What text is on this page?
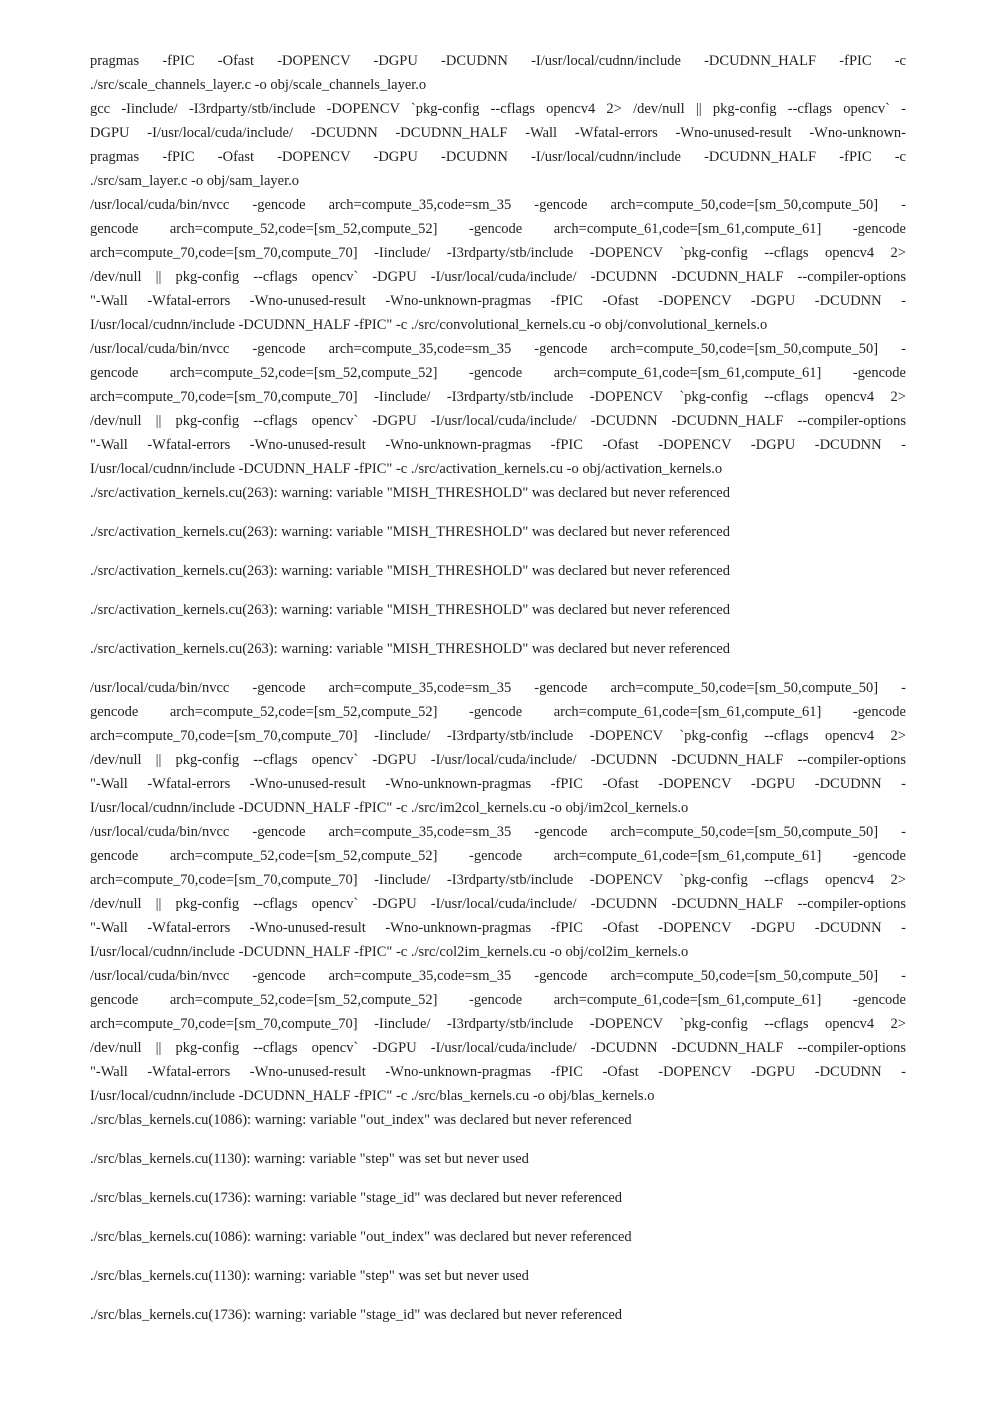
pragmas -fPIC -Ofast -DOPENCV -DGPU -DCUDNN -I/usr/local/cudnn/include -DCUDNN_HALF -fPIC -c
./src/scale_channels_layer.c -o obj/scale_channels_layer.o
gcc -Iinclude/ -I3rdparty/stb/include -DOPENCV `pkg-config --cflags opencv4 2> /dev/null || pkg-config --cflags opencv` -
DGPU -I/usr/local/cuda/include/ -DCUDNN -DCUDNN_HALF -Wall -Wfatal-errors -Wno-unused-result -Wno-unknown-
pragmas -fPIC -Ofast -DOPENCV -DGPU -DCUDNN -I/usr/local/cudnn/include -DCUDNN_HALF -fPIC -c
./src/sam_layer.c -o obj/sam_layer.o
/usr/local/cuda/bin/nvcc -gencode arch=compute_35,code=sm_35 -gencode arch=compute_50,code=[sm_50,compute_50] -
gencode arch=compute_52,code=[sm_52,compute_52] -gencode arch=compute_61,code=[sm_61,compute_61] -gencode
arch=compute_70,code=[sm_70,compute_70] -Iinclude/ -I3rdparty/stb/include -DOPENCV `pkg-config --cflags opencv4 2>
/dev/null || pkg-config --cflags opencv` -DGPU -I/usr/local/cuda/include/ -DCUDNN -DCUDNN_HALF --compiler-options
"-Wall -Wfatal-errors -Wno-unused-result -Wno-unknown-pragmas -fPIC -Ofast -DOPENCV -DGPU -DCUDNN -
I/usr/local/cudnn/include -DCUDNN_HALF -fPIC" -c ./src/convolutional_kernels.cu -o obj/convolutional_kernels.o
/usr/local/cuda/bin/nvcc -gencode arch=compute_35,code=sm_35 -gencode arch=compute_50,code=[sm_50,compute_50] -
gencode arch=compute_52,code=[sm_52,compute_52] -gencode arch=compute_61,code=[sm_61,compute_61] -gencode
arch=compute_70,code=[sm_70,compute_70] -Iinclude/ -I3rdparty/stb/include -DOPENCV `pkg-config --cflags opencv4 2>
/dev/null || pkg-config --cflags opencv` -DGPU -I/usr/local/cuda/include/ -DCUDNN -DCUDNN_HALF --compiler-options
"-Wall -Wfatal-errors -Wno-unused-result -Wno-unknown-pragmas -fPIC -Ofast -DOPENCV -DGPU -DCUDNN -
I/usr/local/cudnn/include -DCUDNN_HALF -fPIC" -c ./src/activation_kernels.cu -o obj/activation_kernels.o
./src/activation_kernels.cu(263): warning: variable "MISH_THRESHOLD" was declared but never referenced
./src/activation_kernels.cu(263): warning: variable "MISH_THRESHOLD" was declared but never referenced
./src/activation_kernels.cu(263): warning: variable "MISH_THRESHOLD" was declared but never referenced
./src/activation_kernels.cu(263): warning: variable "MISH_THRESHOLD" was declared but never referenced
./src/activation_kernels.cu(263): warning: variable "MISH_THRESHOLD" was declared but never referenced
/usr/local/cuda/bin/nvcc -gencode arch=compute_35,code=sm_35 -gencode arch=compute_50,code=[sm_50,compute_50] -
gencode arch=compute_52,code=[sm_52,compute_52] -gencode arch=compute_61,code=[sm_61,compute_61] -gencode
arch=compute_70,code=[sm_70,compute_70] -Iinclude/ -I3rdparty/stb/include -DOPENCV `pkg-config --cflags opencv4 2>
/dev/null || pkg-config --cflags opencv` -DGPU -I/usr/local/cuda/include/ -DCUDNN -DCUDNN_HALF --compiler-options
"-Wall -Wfatal-errors -Wno-unused-result -Wno-unknown-pragmas -fPIC -Ofast -DOPENCV -DGPU -DCUDNN -
I/usr/local/cudnn/include -DCUDNN_HALF -fPIC" -c ./src/im2col_kernels.cu -o obj/im2col_kernels.o
/usr/local/cuda/bin/nvcc -gencode arch=compute_35,code=sm_35 -gencode arch=compute_50,code=[sm_50,compute_50] -
gencode arch=compute_52,code=[sm_52,compute_52] -gencode arch=compute_61,code=[sm_61,compute_61] -gencode
arch=compute_70,code=[sm_70,compute_70] -Iinclude/ -I3rdparty/stb/include -DOPENCV `pkg-config --cflags opencv4 2>
/dev/null || pkg-config --cflags opencv` -DGPU -I/usr/local/cuda/include/ -DCUDNN -DCUDNN_HALF --compiler-options
"-Wall -Wfatal-errors -Wno-unused-result -Wno-unknown-pragmas -fPIC -Ofast -DOPENCV -DGPU -DCUDNN -
I/usr/local/cudnn/include -DCUDNN_HALF -fPIC" -c ./src/col2im_kernels.cu -o obj/col2im_kernels.o
/usr/local/cuda/bin/nvcc -gencode arch=compute_35,code=sm_35 -gencode arch=compute_50,code=[sm_50,compute_50] -
gencode arch=compute_52,code=[sm_52,compute_52] -gencode arch=compute_61,code=[sm_61,compute_61] -gencode
arch=compute_70,code=[sm_70,compute_70] -Iinclude/ -I3rdparty/stb/include -DOPENCV `pkg-config --cflags opencv4 2>
/dev/null || pkg-config --cflags opencv` -DGPU -I/usr/local/cuda/include/ -DCUDNN -DCUDNN_HALF --compiler-options
"-Wall -Wfatal-errors -Wno-unused-result -Wno-unknown-pragmas -fPIC -Ofast -DOPENCV -DGPU -DCUDNN -
I/usr/local/cudnn/include -DCUDNN_HALF -fPIC" -c ./src/blas_kernels.cu -o obj/blas_kernels.o
./src/blas_kernels.cu(1086): warning: variable "out_index" was declared but never referenced
./src/blas_kernels.cu(1130): warning: variable "step" was set but never used
./src/blas_kernels.cu(1736): warning: variable "stage_id" was declared but never referenced
./src/blas_kernels.cu(1086): warning: variable "out_index" was declared but never referenced
./src/blas_kernels.cu(1130): warning: variable "step" was set but never used
./src/blas_kernels.cu(1736): warning: variable "stage_id" was declared but never referenced
